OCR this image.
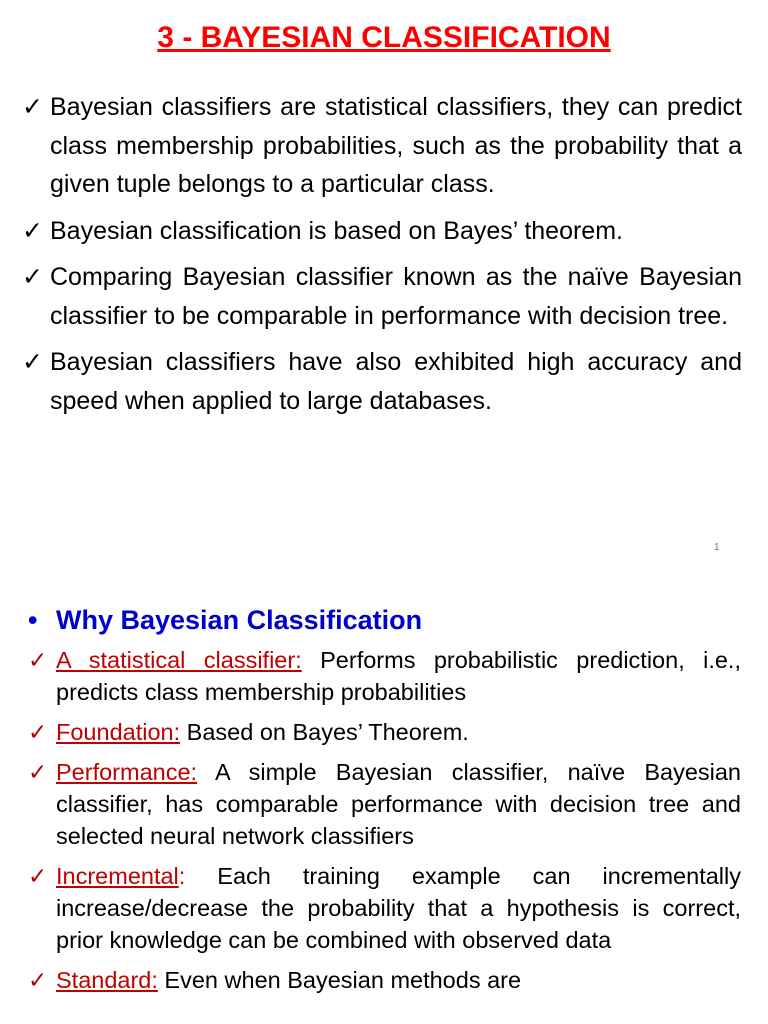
3 - BAYESIAN CLASSIFICATION
✓ Bayesian classifiers are statistical classifiers, they can predict class membership probabilities, such as the probability that a given tuple belongs to a particular class.
✓ Bayesian classification is based on Bayes’ theorem.
✓ Comparing Bayesian classifier known as the naïve Bayesian classifier to be comparable in performance with decision tree.
✓ Bayesian classifiers have also exhibited high accuracy and speed when applied to large databases.
1
• Why Bayesian Classification
✓ A statistical classifier: Performs probabilistic prediction, i.e., predicts class membership probabilities
✓ Foundation: Based on Bayes’ Theorem.
✓ Performance: A simple Bayesian classifier, naïve Bayesian classifier, has comparable performance with decision tree and selected neural network classifiers
✓ Incremental: Each training example can incrementally increase/decrease the probability that a hypothesis is correct, prior knowledge can be combined with observed data
✓ Standard: Even when Bayesian methods are
